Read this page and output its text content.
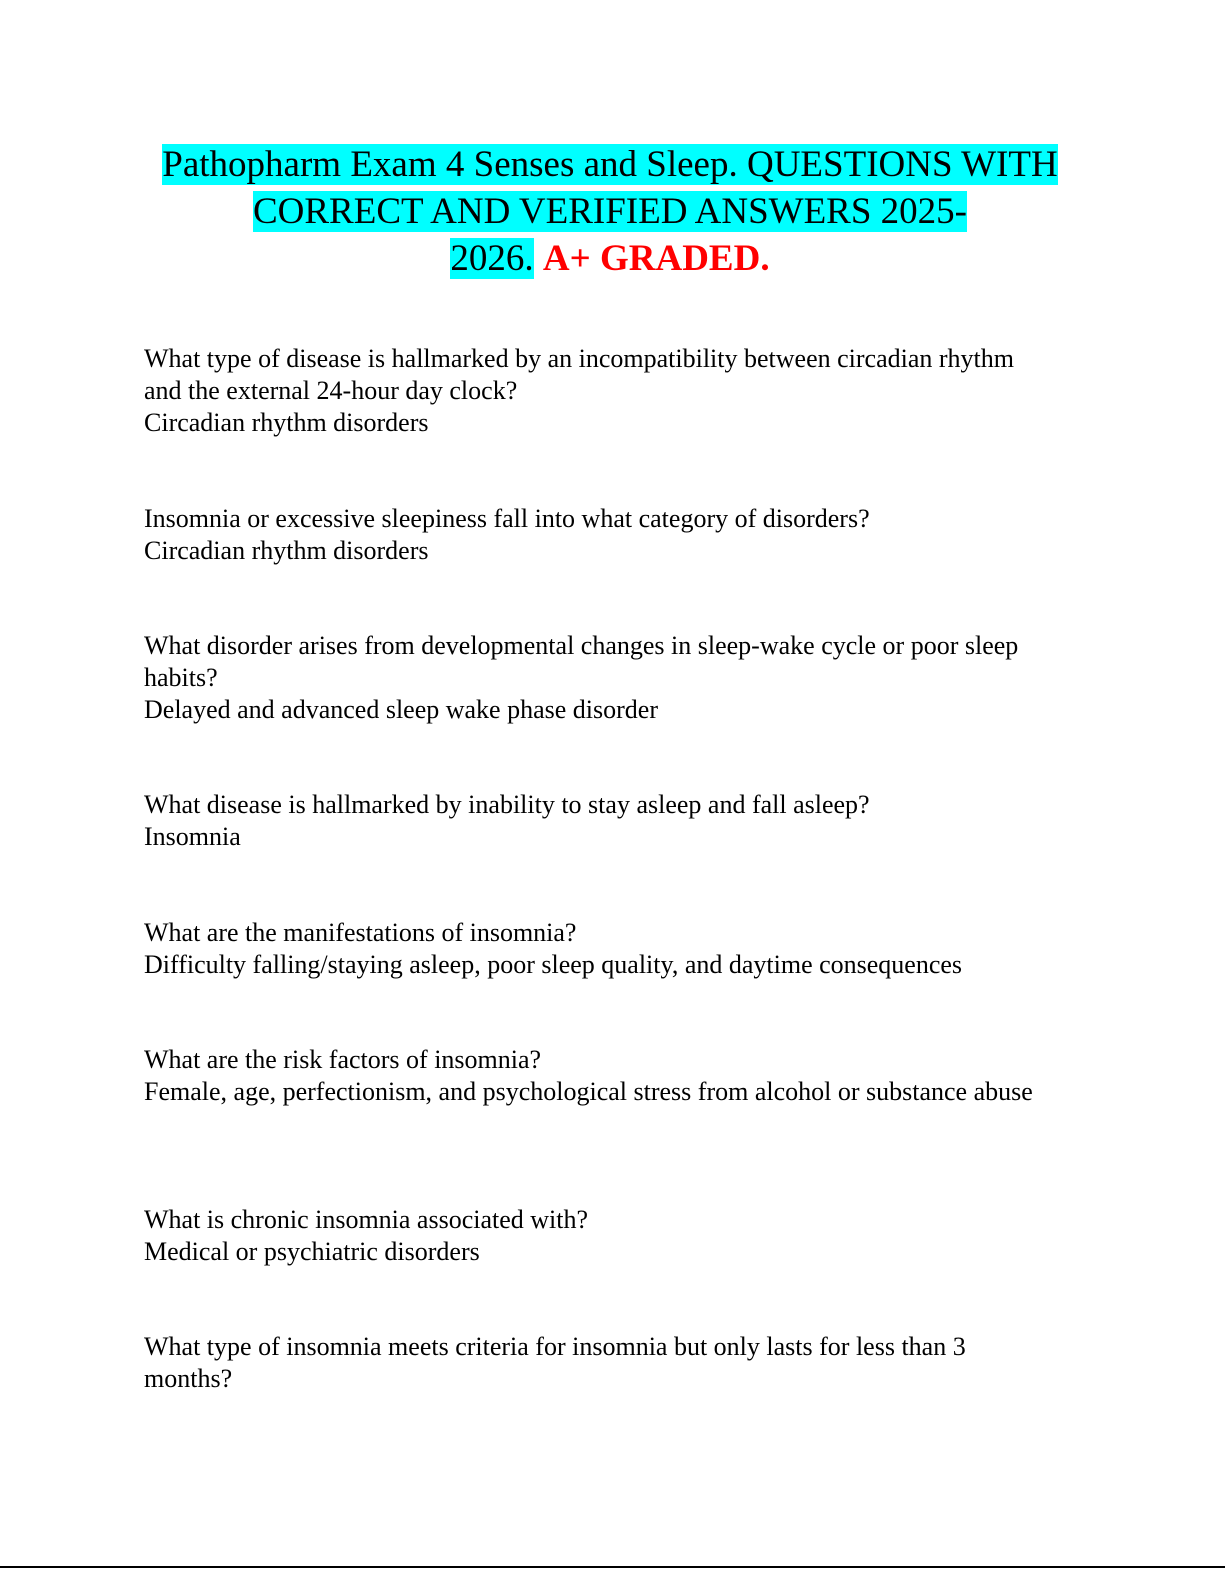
Pathopharm Exam 4 Senses and Sleep. QUESTIONS WITH CORRECT AND VERIFIED ANSWERS 2025-
2026. A+ GRADED.
What type of disease is hallmarked by an incompatibility between circadian rhythm and the external 24-hour day clock?
Circadian rhythm disorders
Insomnia or excessive sleepiness fall into what category of disorders?
Circadian rhythm disorders
What disorder arises from developmental changes in sleep-wake cycle or poor sleep habits?
Delayed and advanced sleep wake phase disorder
What disease is hallmarked by inability to stay asleep and fall asleep?
Insomnia
What are the manifestations of insomnia?
Difficulty falling/staying asleep, poor sleep quality, and daytime consequences
What are the risk factors of insomnia?
Female, age, perfectionism, and psychological stress from alcohol or substance abuse
What is chronic insomnia associated with?
Medical or psychiatric disorders
What type of insomnia meets criteria for insomnia but only lasts for less than 3 months?
